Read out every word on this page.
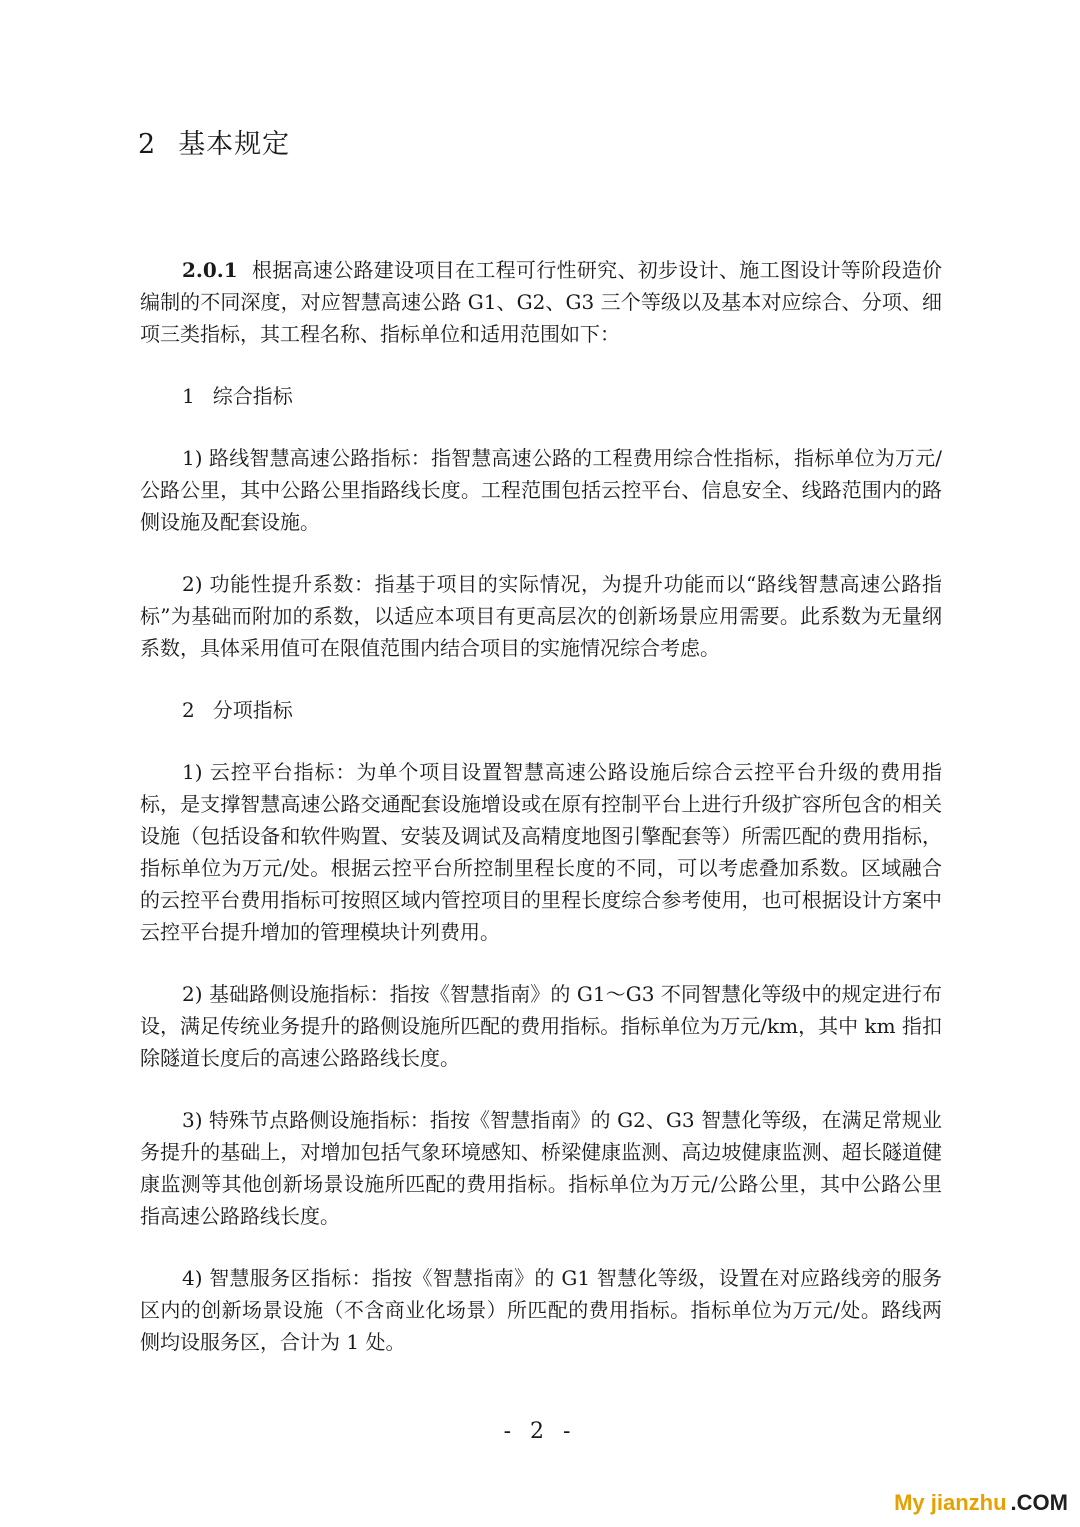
2 基本规定

2.0.1 根据高速公路建设项目在工程可行性研究、初步设计、施工图设计等阶段造价编制的不同深度，对应智慧高速公路 G1、G2、G3 三个等级以及基本对应综合、分项、细项三类指标，其工程名称、指标单位和适用范围如下：

1 综合指标

1) 路线智慧高速公路指标：指智慧高速公路的工程费用综合性指标，指标单位为万元/公路公里，其中公路公里指路线长度。工程范围包括云控平台、信息安全、线路范围内的路侧设施及配套设施。

2) 功能性提升系数：指基于项目的实际情况，为提升功能而以“路线智慧高速公路指标”为基础而附加的系数，以适应本项目有更高层次的创新场景应用需要。此系数为无量纲系数，具体采用值可在限值范围内结合项目的实施情况综合考虑。

2 分项指标

1) 云控平台指标：为单个项目设置智慧高速公路设施后综合云控平台升级的费用指标，是支撑智慧高速公路交通配套设施增设或在原有控制平台上进行升级扩容所包含的相关设施（包括设备和软件购置、安装及调试及高精度地图引擎配套等）所需匹配的费用指标，指标单位为万元/处。根据云控平台所控制里程长度的不同，可以考虑叠加系数。区域融合的云控平台费用指标可按照区域内管控项目的里程长度综合参考使用，也可根据设计方案中云控平台提升增加的管理模块计列费用。

2) 基础路侧设施指标：指按《智慧指南》的 G1～G3 不同智慧化等级中的规定进行布设，满足传统业务提升的路侧设施所匹配的费用指标。指标单位为万元/km，其中 km 指扣除隧道长度后的高速公路路线长度。

3) 特殊节点路侧设施指标：指按《智慧指南》的 G2、G3 智慧化等级，在满足常规业务提升的基础上，对增加包括气象环境感知、桥梁健康监测、高边坡健康监测、超长隧道健康监测等其他创新场景设施所匹配的费用指标。指标单位为万元/公路公里，其中公路公里指高速公路路线长度。

4) 智慧服务区指标：指按《智慧指南》的 G1 智慧化等级，设置在对应路线旁的服务区内的创新场景设施（不含商业化场景）所匹配的费用指标。指标单位为万元/处。路线两侧均设服务区，合计为 1 处。

- 2 -
My jianzhu .COM
